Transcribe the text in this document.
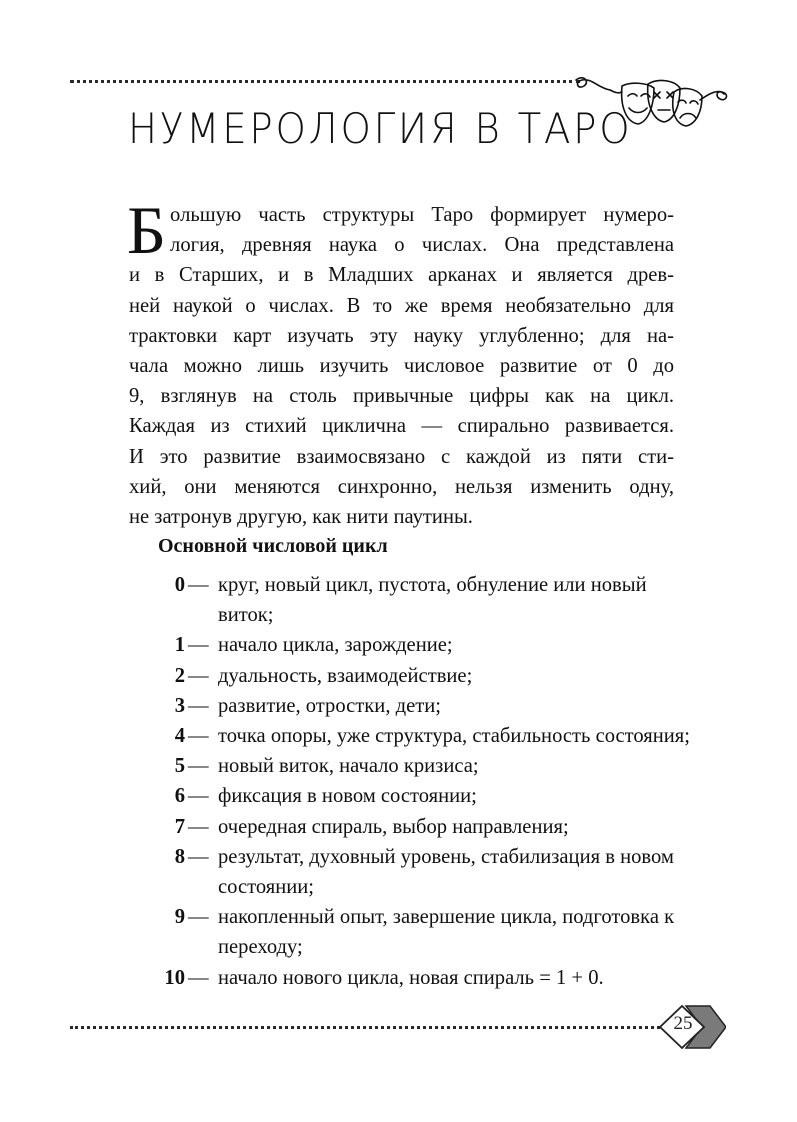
НУМЕРОЛОГИЯ В ТАРО

Б ольшую часть структуры Таро формирует нумеро-
логия, древняя наука о числах. Она представлена
и в Старших, и в Младших арканах и является древ-
ней наукой о числах. В то же время необязательно для
трактовки карт изучать эту науку углубленно; для на-
чала можно лишь изучить числовое развитие от 0 до
9, взглянув на столь привычные цифры как на цикл.
Каждая из стихий циклична — спирально развивается.
И это развитие взаимосвязано с каждой из пяти сти-
хий, они меняются синхронно, нельзя изменить одну,
не затронув другую, как нити паутины.

Основной числовой цикл
0 — круг, новый цикл, пустота, обнуление или новый виток;
1 — начало цикла, зарождение;
2 — дуальность, взаимодействие;
3 — развитие, отростки, дети;
4 — точка опоры, уже структура, стабильность состояния;
5 — новый виток, начало кризиса;
6 — фиксация в новом состоянии;
7 — очередная спираль, выбор направления;
8 — результат, духовный уровень, стабилизация в новом состоянии;
9 — накопленный опыт, завершение цикла, подготовка к переходу;
10 — начало нового цикла, новая спираль = 1 + 0.
25
